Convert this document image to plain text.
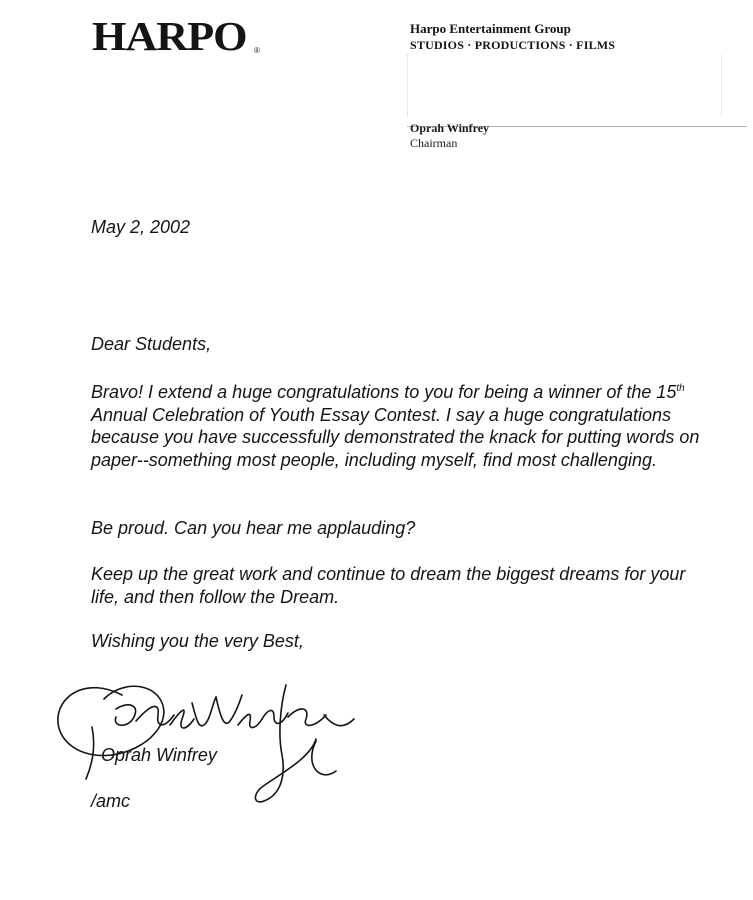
HARPO ®
Harpo Entertainment Group
STUDIOS · PRODUCTIONS · FILMS
Oprah Winfrey
Chairman
May 2, 2002
Dear Students,
Bravo! I extend a huge congratulations to you for being a winner of the 15th Annual Celebration of Youth Essay Contest. I say a huge congratulations because you have successfully demonstrated the knack for putting words on paper--something most people, including myself, find most challenging.
Be proud. Can you hear me applauding?
Keep up the great work and continue to dream the biggest dreams for your life, and then follow the Dream.
Wishing you the very Best,
Oprah Winfrey
/amc
